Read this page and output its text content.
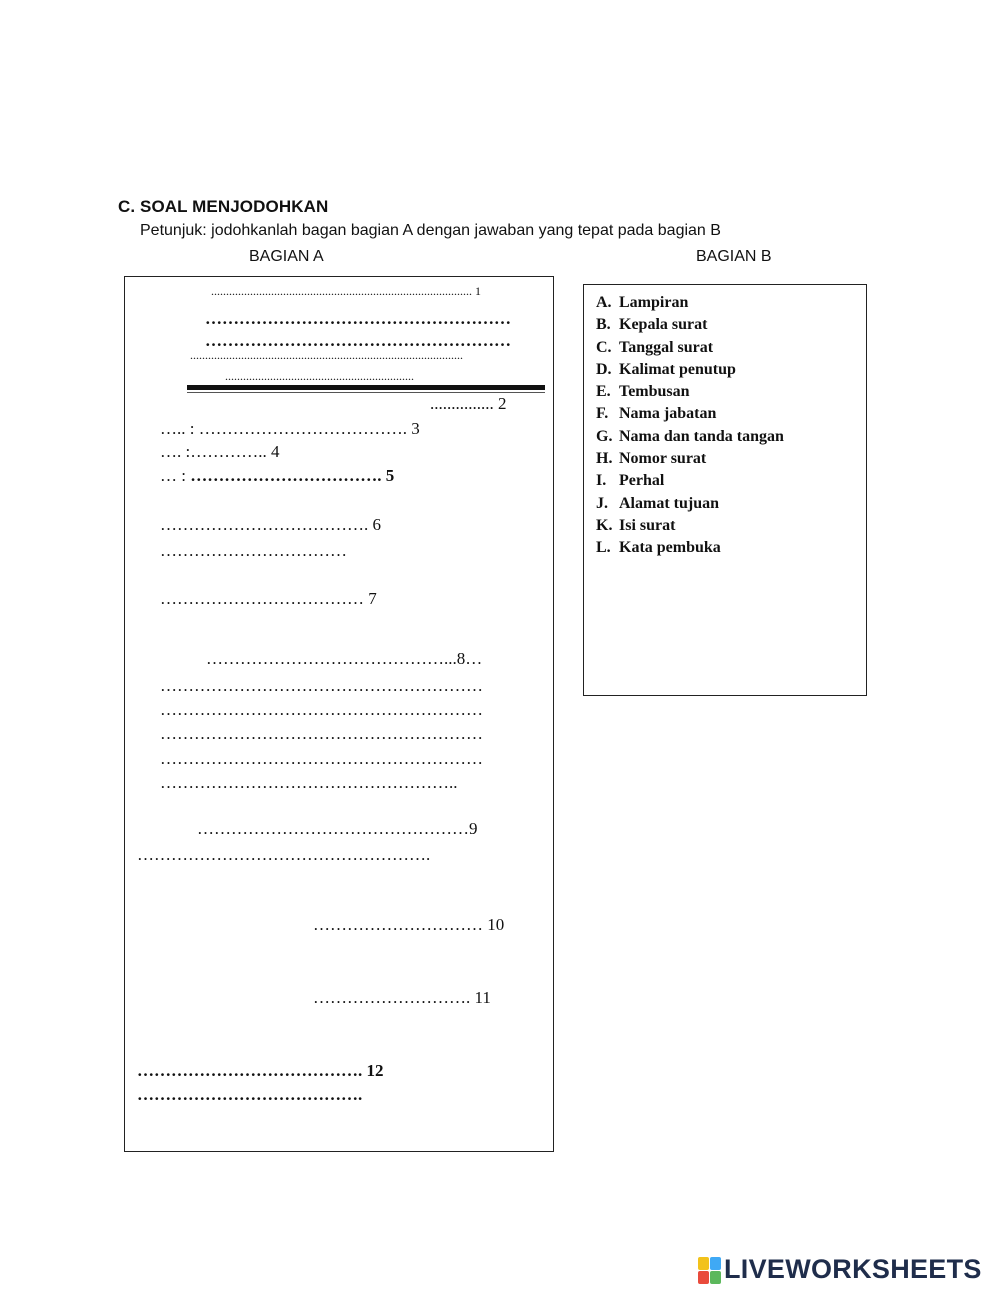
C. SOAL MENJODOHKAN
Petunjuk: jodohkanlah bagan bagian A dengan jawaban yang tepat pada bagian B
BAGIAN A	BAGIAN B
....................................................................................... 1
………………………………………………
………………………………………………
...........................................................................................
...............................................................
............... 2
….. : ………………………………. 3
…. :………….. 4
… : ……………………………. 5
………………………………. 6
……………………………
……………………………… 7
……………………………………...8…
…………………………………………………
…………………………………………………
…………………………………………………
…………………………………………………
……………………………………………..
…………………………………………9
…………………………………………….
………………………… 10
………………………. 11
…………………………………. 12
………………………………….
A. Lampiran
B. Kepala surat
C. Tanggal surat
D. Kalimat penutup
E. Tembusan
F. Nama jabatan
G. Nama dan tanda tangan
H. Nomor surat
I. Perhal
J. Alamat tujuan
K. Isi surat
L. Kata pembuka
LIVEWORKSHEETS
